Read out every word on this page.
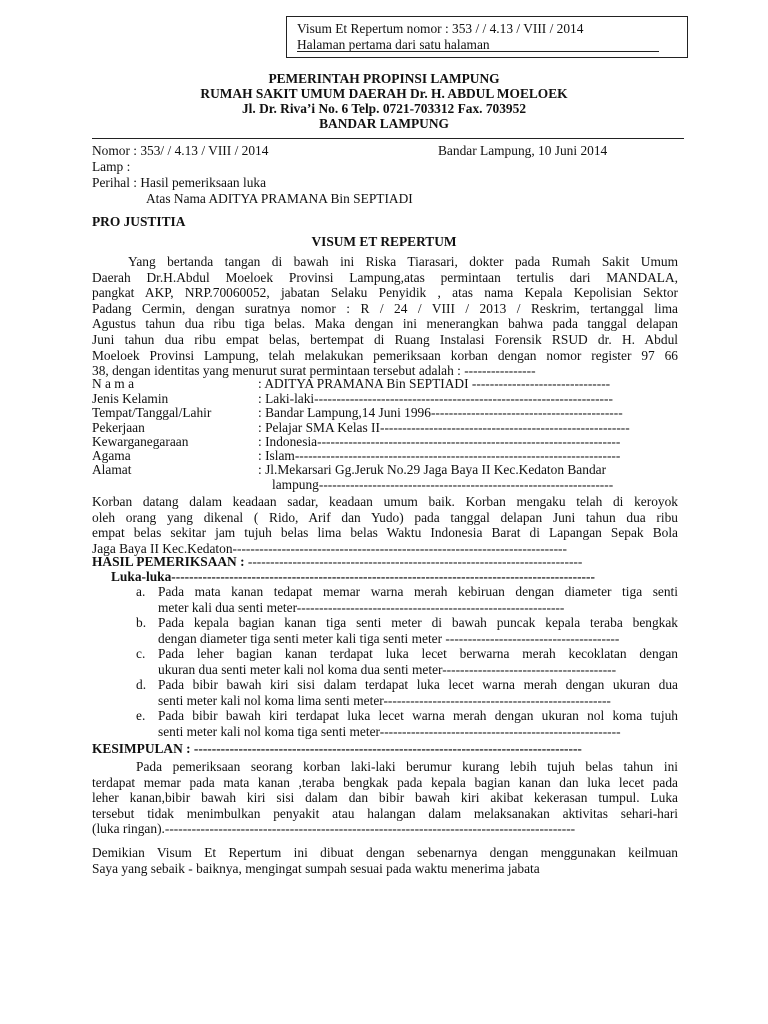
Visum Et Repertum nomor : 353 / / 4.13 / VIII / 2014
Halaman pertama dari satu halaman
PEMERINTAH PROPINSI LAMPUNG
RUMAH SAKIT UMUM DAERAH Dr. H. ABDUL MOELOEK
Jl. Dr. Riva’i No. 6 Telp. 0721-703312 Fax. 703952
BANDAR LAMPUNG
Nomor : 353/ / 4.13 / VIII / 2014	Bandar Lampung, 10 Juni 2014
Lamp :
Perihal : Hasil pemeriksaan luka
Atas Nama ADITYA PRAMANA Bin SEPTIADI
PRO JUSTITIA
VISUM ET REPERTUM
Yang bertanda tangan di bawah ini Riska Tiarasari, dokter pada Rumah Sakit Umum
Daerah Dr.H.Abdul Moeloek Provinsi Lampung,atas permintaan tertulis dari MANDALA,
pangkat AKP, NRP.70060052, jabatan Selaku Penyidik , atas nama Kepala Kepolisian Sektor
Padang Cermin, dengan suratnya nomor : R / 24 / VIII / 2013 / Reskrim, tertanggal lima
Agustus tahun dua ribu tiga belas. Maka dengan ini menerangkan bahwa pada tanggal delapan
Juni tahun dua ribu empat belas, bertempat di Ruang Instalasi Forensik RSUD dr. H. Abdul
Moeloek Provinsi Lampung, telah melakukan pemeriksaan korban dengan nomor register 97 66
38, dengan identitas yang menurut surat permintaan tersebut adalah : ----------------
N a m a	: ADITYA PRAMANA Bin SEPTIADI -------------------------------
Jenis Kelamin	: Laki-laki-------------------------------------------------------------------
Tempat/Tanggal/Lahir	: Bandar Lampung,14 Juni 1996-------------------------------------------
Pekerjaan	: Pelajar SMA Kelas II--------------------------------------------------------
Kewarganegaraan	: Indonesia--------------------------------------------------------------------
Agama	: Islam-------------------------------------------------------------------------
Alamat	: Jl.Mekarsari Gg.Jeruk No.29 Jaga Baya II Kec.Kedaton Bandar
lampung------------------------------------------------------------------
Korban datang dalam keadaan sadar, keadaan umum baik. Korban mengaku telah di keroyok
oleh orang yang dikenal ( Rido, Arif dan Yudo) pada tanggal delapan Juni tahun dua ribu
empat belas sekitar jam tujuh belas lima belas Waktu Indonesia Barat di Lapangan Sepak Bola
Jaga Baya II Kec.Kedaton---------------------------------------------------------------------------
HASIL PEMERIKSAAN : ---------------------------------------------------------------------------
Luka-luka-----------------------------------------------------------------------------------------------
a. Pada mata kanan tedapat memar warna merah kebiruan dengan diameter tiga senti
meter kali dua senti meter------------------------------------------------------------
b. Pada kepala bagian kanan tiga senti meter di bawah puncak kepala teraba bengkak
dengan diameter tiga senti meter kali tiga senti meter ---------------------------------------
c. Pada leher bagian kanan terdapat luka lecet berwarna merah kecoklatan dengan
ukuran dua senti meter kali nol koma dua senti meter---------------------------------------
d. Pada bibir bawah kiri sisi dalam terdapat luka lecet warna merah dengan ukuran dua
senti meter kali nol koma lima senti meter---------------------------------------------------
e. Pada bibir bawah kiri terdapat luka lecet warna merah dengan ukuran nol koma tujuh
senti meter kali nol koma tiga senti meter------------------------------------------------------
KESIMPULAN : ---------------------------------------------------------------------------------------
Pada pemeriksaan seorang korban laki-laki berumur kurang lebih tujuh belas tahun ini
terdapat memar pada mata kanan ,teraba bengkak pada kepala bagian kanan dan luka lecet pada
leher kanan,bibir bawah kiri sisi dalam dan bibir bawah kiri akibat kekerasan tumpul. Luka
tersebut tidak menimbulkan penyakit atau halangan dalam melaksanakan aktivitas sehari-hari
(luka ringan).--------------------------------------------------------------------------------------------
Demikian Visum Et Repertum ini dibuat dengan sebenarnya dengan menggunakan keilmuan
Saya yang sebaik - baiknya, mengingat sumpah sesuai pada waktu menerima jabata
